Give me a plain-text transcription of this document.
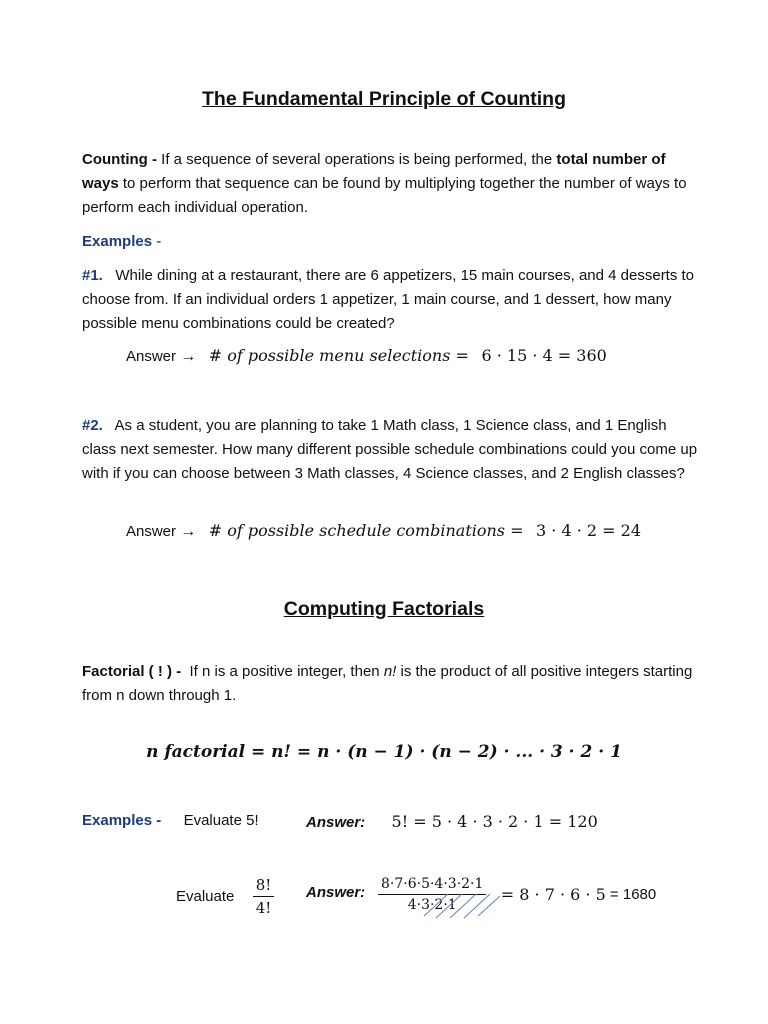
The Fundamental Principle of Counting
Counting - If a sequence of several operations is being performed, the total number of ways to perform that sequence can be found by multiplying together the number of ways to perform each individual operation.
Examples -
#1. While dining at a restaurant, there are 6 appetizers, 15 main courses, and 4 desserts to choose from. If an individual orders 1 appetizer, 1 main course, and 1 dessert, how many possible menu combinations could be created?
Answer → # of possible menu selections = 6 · 15 · 4 = 360
#2. As a student, you are planning to take 1 Math class, 1 Science class, and 1 English class next semester. How many different possible schedule combinations could you come up with if you can choose between 3 Math classes, 4 Science classes, and 2 English classes?
Answer → # of possible schedule combinations = 3 · 4 · 2 = 24
Computing Factorials
Factorial ( ! ) - If n is a positive integer, then n! is the product of all positive integers starting from n down through 1.
n factorial = n! = n · (n − 1) · (n − 2) · ... · 3 · 2 · 1
Examples - Evaluate 5!	Answer: 5! = 5 · 4 · 3 · 2 · 1 = 120
Evaluate $\frac{8!}{4!}$ Answer: $\frac{8\cdot 7\cdot 6\cdot 5\cdot 4\cdot 3\cdot 2\cdot 1}{4\cdot 3\cdot 2\cdot 1} = 8 \cdot 7 \cdot 6 \cdot 5 = 1680$
